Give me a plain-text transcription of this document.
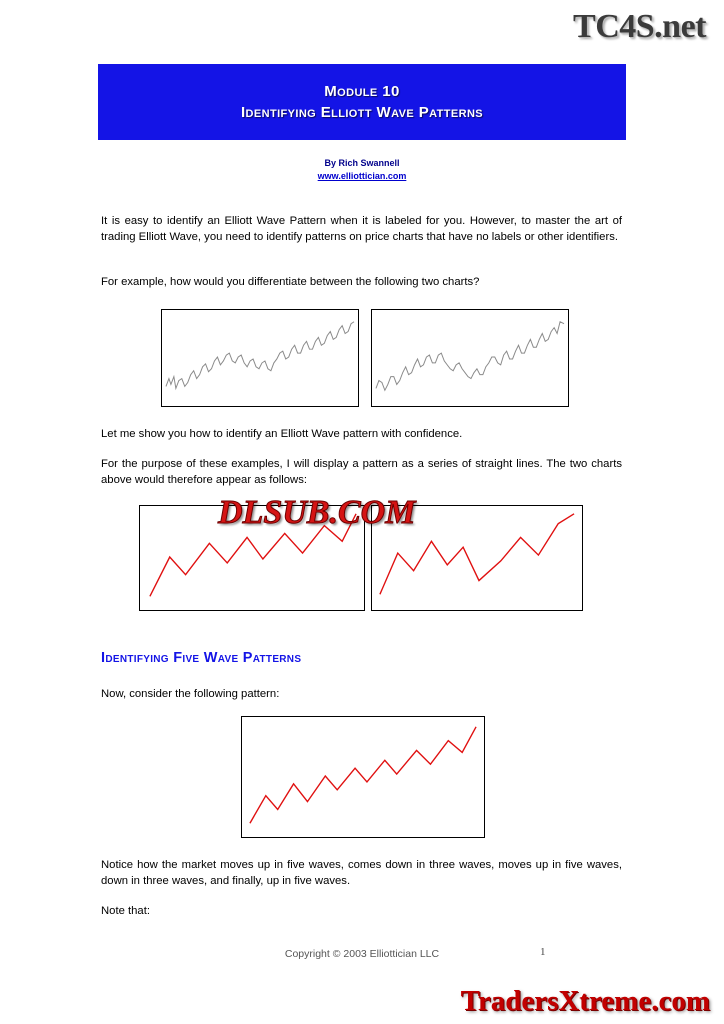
TC4S.net
Module 10
Identifying Elliott Wave Patterns
By Rich Swannell
www.elliottician.com
It is easy to identify an Elliott Wave Pattern when it is labeled for you. However, to master the art of trading Elliott Wave, you need to identify patterns on price charts that have no labels or other identifiers.
For example, how would you differentiate between the following two charts?
Let me show you how to identify an Elliott Wave pattern with confidence.
For the purpose of these examples, I will display a pattern as a series of straight lines. The two charts above would therefore appear as follows:
DLSUB.COM
Identifying Five Wave Patterns
Now, consider the following pattern:
Notice how the market moves up in five waves, comes down in three waves, moves up in five waves, down in three waves, and finally, up in five waves.
Note that:
Copyright © 2003 Elliottician LLC	1
TradersXtreme.com
